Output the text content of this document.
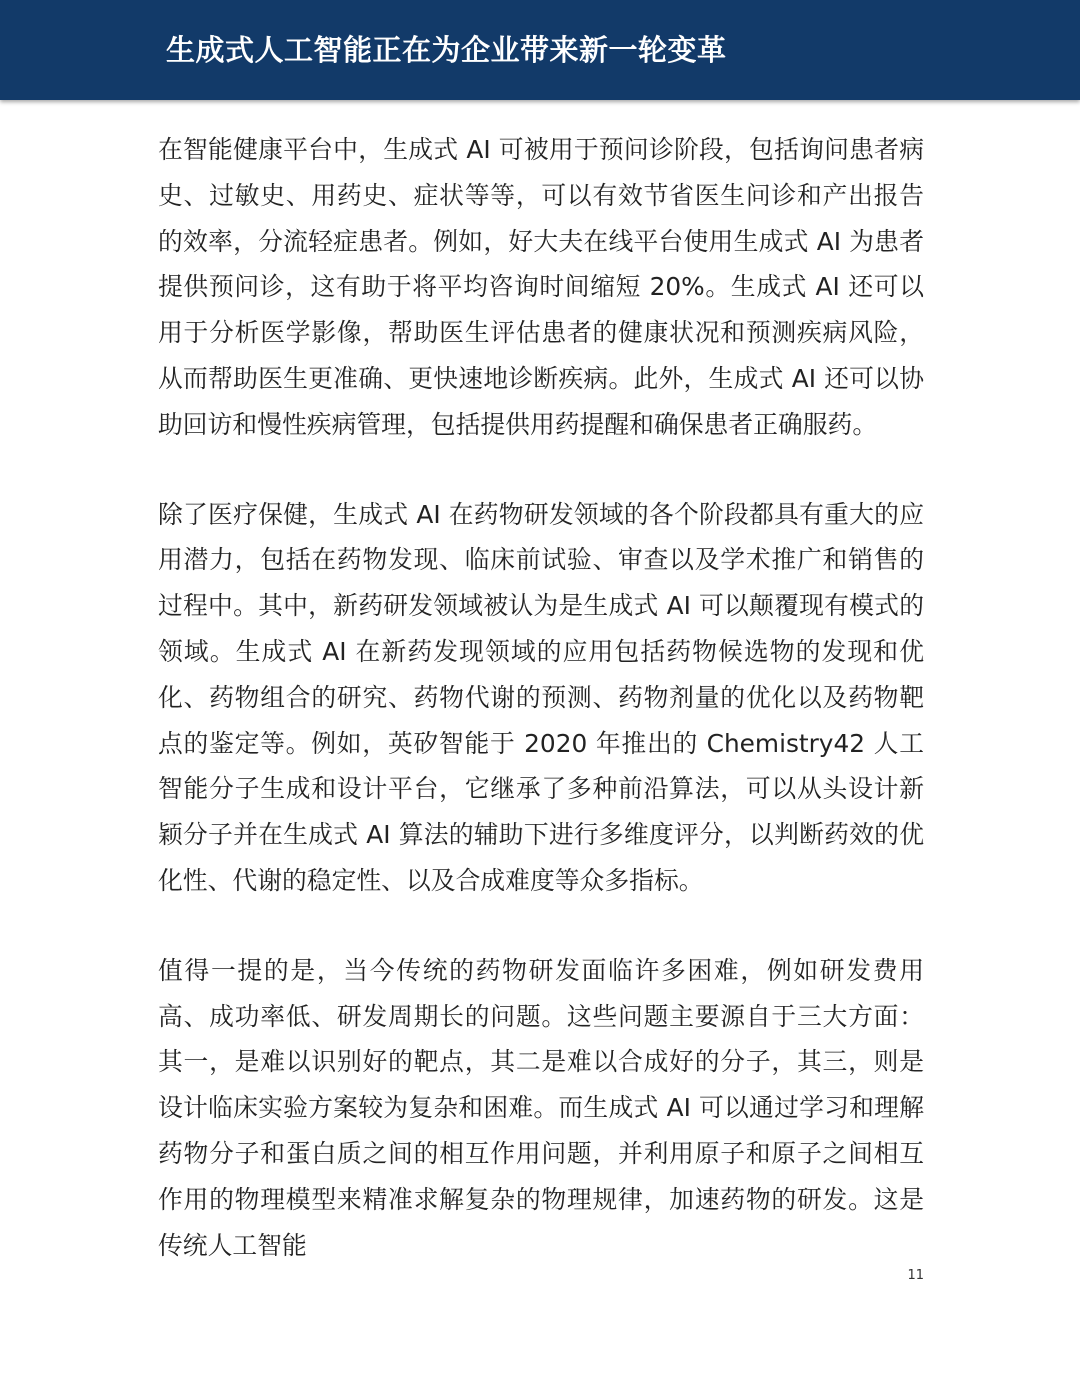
生成式人工智能正在为企业带来新一轮变革

在智能健康平台中，生成式 AI 可被用于预问诊阶段，包括询问患者病史、过敏史、用药史、症状等等，可以有效节省医生问诊和产出报告的效率，分流轻症患者。例如，好大夫在线平台使用生成式 AI 为患者提供预问诊，这有助于将平均咨询时间缩短 20%。生成式 AI 还可以用于分析医学影像，帮助医生评估患者的健康状况和预测疾病风险，从而帮助医生更准确、更快速地诊断疾病。此外，生成式 AI 还可以协助回访和慢性疾病管理，包括提供用药提醒和确保患者正确服药。

除了医疗保健，生成式 AI 在药物研发领域的各个阶段都具有重大的应用潜力，包括在药物发现、临床前试验、审查以及学术推广和销售的过程中。其中，新药研发领域被认为是生成式 AI 可以颠覆现有模式的领域。生成式 AI 在新药发现领域的应用包括药物候选物的发现和优化、药物组合的研究、药物代谢的预测、药物剂量的优化以及药物靶点的鉴定等。例如，英矽智能于 2020 年推出的 Chemistry42 人工智能分子生成和设计平台，它继承了多种前沿算法，可以从头设计新颖分子并在生成式 AI 算法的辅助下进行多维度评分，以判断药效的优化性、代谢的稳定性、以及合成难度等众多指标。

值得一提的是，当今传统的药物研发面临许多困难，例如研发费用高、成功率低、研发周期长的问题。这些问题主要源自于三大方面：其一，是难以识别好的靶点，其二是难以合成好的分子，其三，则是设计临床实验方案较为复杂和困难。而生成式 AI 可以通过学习和理解药物分子和蛋白质之间的相互作用问题，并利用原子和原子之间相互作用的物理模型来精准求解复杂的物理规律，加速药物的研发。这是传统人工智能

11
